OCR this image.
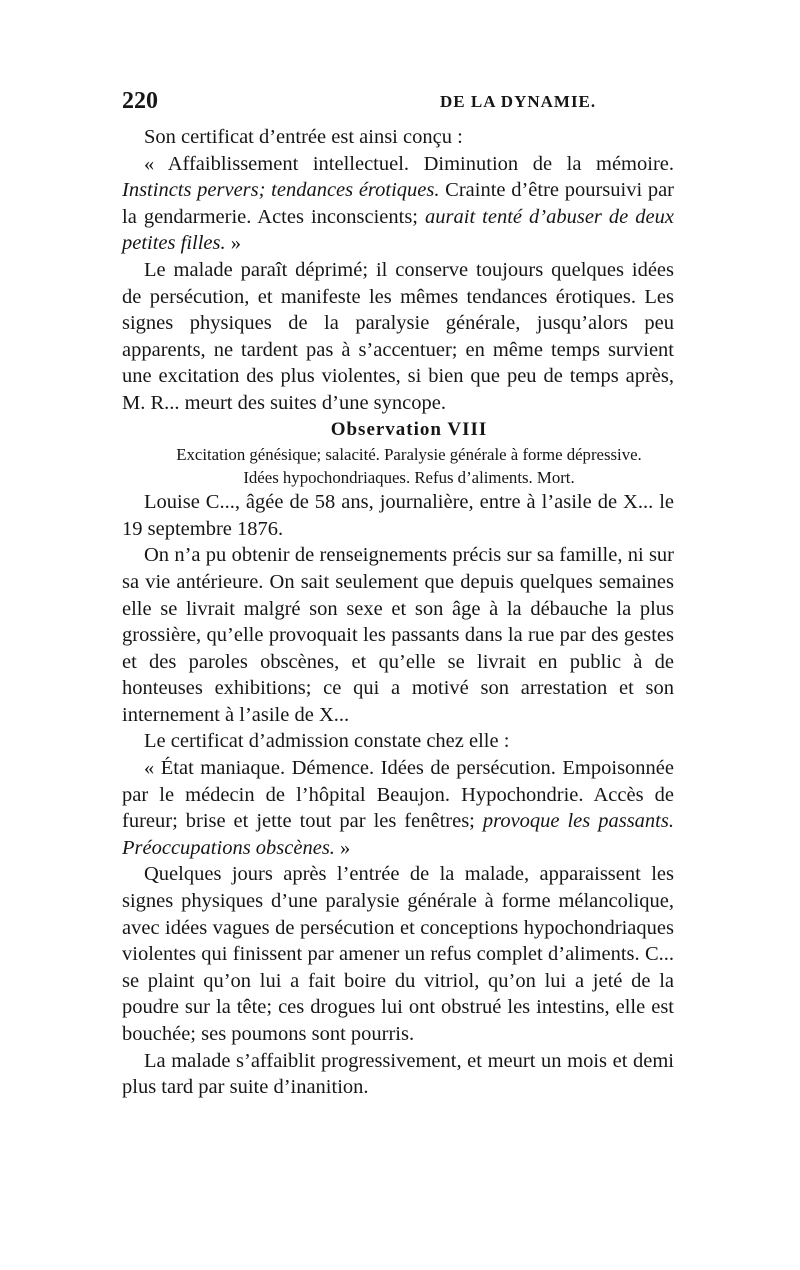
220	DE LA DYNAMIE.

Son certificat d’entrée est ainsi conçu :

« Affaiblissement intellectuel. Diminution de la mémoire. Instincts pervers; tendances érotiques. Crainte d’être poursuivi par la gendarmerie. Actes inconscients; aurait tenté d’abuser de deux petites filles. »

Le malade paraît déprimé; il conserve toujours quelques idées de persécution, et manifeste les mêmes tendances érotiques. Les signes physiques de la paralysie générale, jusqu’alors peu apparents, ne tardent pas à s’accentuer; en même temps survient une excitation des plus violentes, si bien que peu de temps après, M. R... meurt des suites d’une syncope.

Observation VIII

Excitation génésique; salacité. Paralysie générale à forme dépressive.
Idées hypochondriaques. Refus d’aliments. Mort.

Louise C..., âgée de 58 ans, journalière, entre à l’asile de X... le 19 septembre 1876.

On n’a pu obtenir de renseignements précis sur sa famille, ni sur sa vie antérieure. On sait seulement que depuis quelques semaines elle se livrait malgré son sexe et son âge à la débauche la plus grossière, qu’elle provoquait les passants dans la rue par des gestes et des paroles obscènes, et qu’elle se livrait en public à de honteuses exhibitions; ce qui a motivé son arrestation et son internement à l’asile de X...

Le certificat d’admission constate chez elle :

« État maniaque. Démence. Idées de persécution. Empoisonnée par le médecin de l’hôpital Beaujon. Hypochondrie. Accès de fureur; brise et jette tout par les fenêtres; provoque les passants. Préoccupations obscènes. »

Quelques jours après l’entrée de la malade, apparaissent les signes physiques d’une paralysie générale à forme mélancolique, avec idées vagues de persécution et conceptions hypochondriaques violentes qui finissent par amener un refus complet d’aliments. C... se plaint qu’on lui a fait boire du vitriol, qu’on lui a jeté de la poudre sur la tête; ces drogues lui ont obstrué les intestins, elle est bouchée; ses poumons sont pourris.

La malade s’affaiblit progressivement, et meurt un mois et demi plus tard par suite d’inanition.
